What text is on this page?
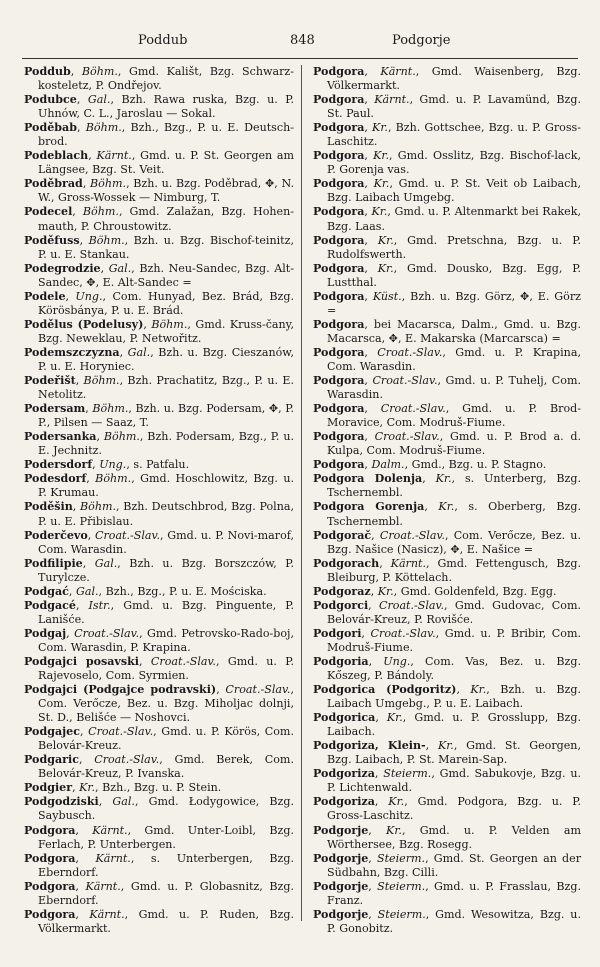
Poddub	848	Podgorje

Poddub, Böhm., Gmd. Kališt, Bzg. Schwarz-kosteletz, P. Ondřejov.

Podubce, Gal., Bzh. Rawa ruska, Bzg. u. P. Uhnów, C. L., Jaroslau — Sokal.

Poděbab, Böhm., Bzh., Bzg., P. u. E. Deutsch-brod.

Podeblach, Kärnt., Gmd. u. P. St. Georgen am Längsee, Bzg. St. Veit.

Poděbrad, Böhm., Bzh. u. Bzg. Poděbrad, ✥, N. W., Gross-Wossek — Nimburg, T.

Podecel, Böhm., Gmd. Zalažan, Bzg. Hohen-mauth, P. Chroustowitz.

Poděfuss, Böhm., Bzh. u. Bzg. Bischof-teinitz, P. u. E. Stankau.

Podegrodzie, Gal., Bzh. Neu-Sandec, Bzg. Alt-Sandec, ✥, E. Alt-Sandec =

Podele, Ung., Com. Hunyad, Bez. Brád, Bzg. Körösbánya, P. u. E. Brád.

Podělus (Podelusy), Böhm., Gmd. Kruss-čany, Bzg. Neweklau, P. Netwořitz.

Podemszczyzna, Gal., Bzh. u. Bzg. Cieszanów, P. u. E. Horyniec.

Podeřišt, Böhm., Bzh. Prachatitz, Bzg., P. u. E. Netolitz.

Podersam, Böhm., Bzh. u. Bzg. Podersam, ✥, P. P., Pilsen — Saaz, T.

Podersanka, Böhm., Bzh. Podersam, Bzg., P. u. E. Jechnitz.

Podersdorf, Ung., s. Patfalu.

Podesdorf, Böhm., Gmd. Hoschlowitz, Bzg. u. P. Krumau.

Poděšin, Böhm., Bzh. Deutschbrod, Bzg. Polna, P. u. E. Přibislau.

Poderčevo, Croat.-Slav., Gmd. u. P. Novi-marof, Com. Warasdin.

Podfilipie, Gal., Bzh. u. Bzg. Borszczów, P. Turylcze.

Podgać, Gal., Bzh., Bzg., P. u. E. Mościska.

Podgacé, Istr., Gmd. u. Bzg. Pinguente, P. Lanišće.

Podgaj, Croat.-Slav., Gmd. Petrovsko-Rado-boj, Com. Warasdin, P. Krapina.

Podgajci posavski, Croat.-Slav., Gmd. u. P. Rajevoselo, Com. Syrmien.

Podgajci (Podgajce podravski), Croat.-Slav., Com. Verőcze, Bez. u. Bzg. Miholjac dolnji, St. D., Belišće — Noshovci.

Podgajec, Croat.-Slav., Gmd. u. P. Körös, Com. Belovár-Kreuz.

Podgaric, Croat.-Slav., Gmd. Berek, Com. Belovár-Kreuz, P. Ivanska.

Podgier, Kr., Bzh., Bzg. u. P. Stein.

Podgodziski, Gal., Gmd. Łodygowice, Bzg. Saybusch.

Podgora, Kärnt., Gmd. Unter-Loibl, Bzg. Ferlach, P. Unterbergen.

Podgora, Kärnt., s. Unterbergen, Bzg. Eberndorf.

Podgora, Kärnt., Gmd. u. P. Globasnitz, Bzg. Eberndorf.

Podgora, Kärnt., Gmd. u. P. Ruden, Bzg. Völkermarkt.

Podgora, Kärnt., Gmd. Waisenberg, Bzg. Völkermarkt.

Podgora, Kärnt., Gmd. u. P. Lavamünd, Bzg. St. Paul.

Podgora, Kr., Bzh. Gottschee, Bzg. u. P. Gross-Laschitz.

Podgora, Kr., Gmd. Osslitz, Bzg. Bischof-lack, P. Gorenja vas.

Podgora, Kr., Gmd. u. P. St. Veit ob Laibach, Bzg. Laibach Umgebg.

Podgora, Kr., Gmd. u. P. Altenmarkt bei Rakek, Bzg. Laas.

Podgora, Kr., Gmd. Pretschna, Bzg. u. P. Rudolfswerth.

Podgora, Kr., Gmd. Dousko, Bzg. Egg, P. Lustthal.

Podgora, Küst., Bzh. u. Bzg. Görz, ✥, E. Görz =

Podgora, bei Macarsca, Dalm., Gmd. u. Bzg. Macarsca, ✥, E. Makarska (Marcarsca) =

Podgora, Croat.-Slav., Gmd. u. P. Krapina, Com. Warasdin.

Podgora, Croat.-Slav., Gmd. u. P. Tuhelj, Com. Warasdin.

Podgora, Croat.-Slav., Gmd. u. P. Brod-Moravice, Com. Modruš-Fiume.

Podgora, Croat.-Slav., Gmd. u. P. Brod a. d. Kulpa, Com. Modruš-Fiume.

Podgora, Dalm., Gmd., Bzg. u. P. Stagno.

Podgora Dolenja, Kr., s. Unterberg, Bzg. Tschernembl.

Podgora Gorenja, Kr., s. Oberberg, Bzg. Tschernembl.

Podgorač, Croat.-Slav., Com. Verőcze, Bez. u. Bzg. Našice (Nasicz), ✥, E. Našice =

Podgorach, Kärnt., Gmd. Fettengusch, Bzg. Bleiburg, P. Köttelach.

Podgoraz, Kr., Gmd. Goldenfeld, Bzg. Egg.

Podgorci, Croat.-Slav., Gmd. Gudovac, Com. Belovár-Kreuz, P. Rovišće.

Podgori, Croat.-Slav., Gmd. u. P. Bribir, Com. Modruš-Fiume.

Podgoria, Ung., Com. Vas, Bez. u. Bzg. Kőszeg, P. Bándoly.

Podgorica (Podgoritz), Kr., Bzh. u. Bzg. Laibach Umgebg., P. u. E. Laibach.

Podgorica, Kr., Gmd. u. P. Grosslupp, Bzg. Laibach.

Podgoriza, Klein-, Kr., Gmd. St. Georgen, Bzg. Laibach, P. St. Marein-Sap.

Podgoriza, Steierm., Gmd. Sabukovje, Bzg. u. P. Lichtenwald.

Podgoriza, Kr., Gmd. Podgora, Bzg. u. P. Gross-Laschitz.

Podgorje, Kr., Gmd. u. P. Velden am Wörthersee, Bzg. Rosegg.

Podgorje, Steierm., Gmd. St. Georgen an der Südbahn, Bzg. Cilli.

Podgorje, Steierm., Gmd. u. P. Frasslau, Bzg. Franz.

Podgorje, Steierm., Gmd. Wesowitza, Bzg. u. P. Gonobitz.
